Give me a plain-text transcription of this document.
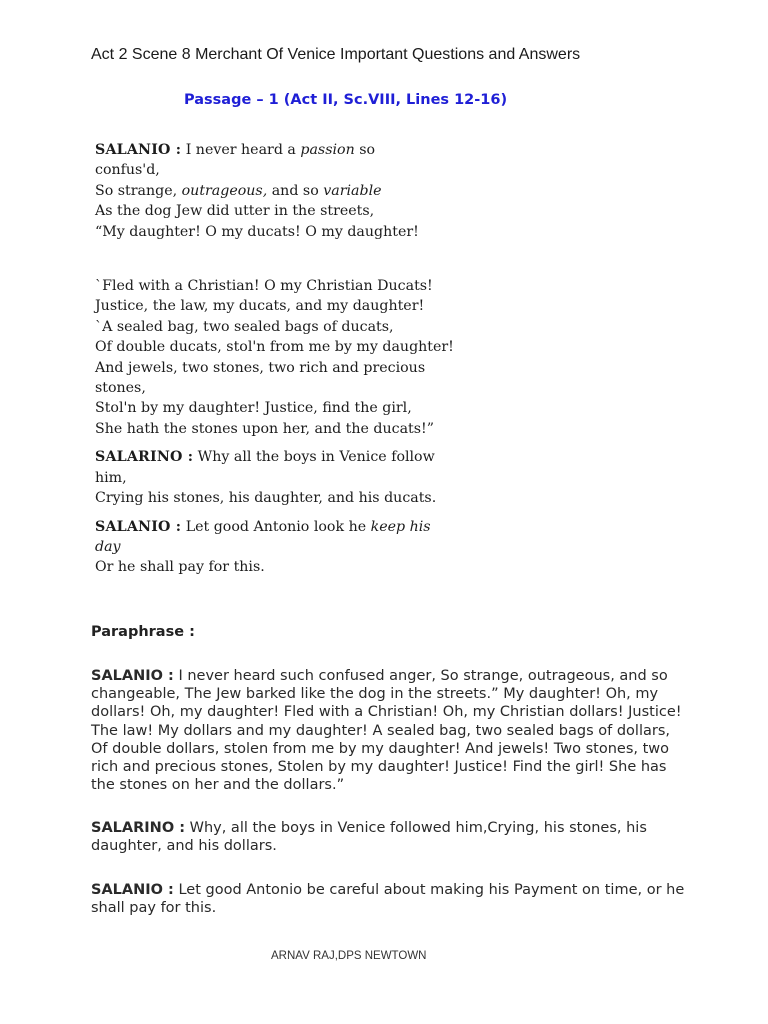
Act 2 Scene 8 Merchant Of Venice Important Questions and Answers
Passage – 1 (Act II, Sc.VIII, Lines 12-16)
SALANIO : I never heard a passion so
confus'd,
So strange, outrageous, and so variable
As the dog Jew did utter in the streets,
“My daughter! O my ducats! O my daughter!
`Fled with a Christian! O my Christian Ducats!
Justice, the law, my ducats, and my daughter!
`A sealed bag, two sealed bags of ducats,
Of double ducats, stol'n from me by my daughter!
And jewels, two stones, two rich and precious
stones,
Stol'n by my daughter! Justice, find the girl,
She hath the stones upon her, and the ducats!”
SALARINO : Why all the boys in Venice follow
him,
Crying his stones, his daughter, and his ducats.
SALANIO : Let good Antonio look he keep his
day
Or he shall pay for this.
Paraphrase :
SALANIO : I never heard such confused anger, So strange, outrageous, and so changeable, The Jew barked like the dog in the streets.” My daughter! Oh, my dollars! Oh, my daughter! Fled with a Christian! Oh, my Christian dollars! Justice! The law! My dollars and my daughter! A sealed bag, two sealed bags of dollars, Of double dollars, stolen from me by my daughter! And jewels! Two stones, two rich and precious stones, Stolen by my daughter! Justice! Find the girl! She has the stones on her and the dollars.”
SALARINO : Why, all the boys in Venice followed him,Crying, his stones, his daughter, and his dollars.
SALANIO : Let good Antonio be careful about making his Payment on time, or he shall pay for this.
ARNAV RAJ,DPS NEWTOWN
